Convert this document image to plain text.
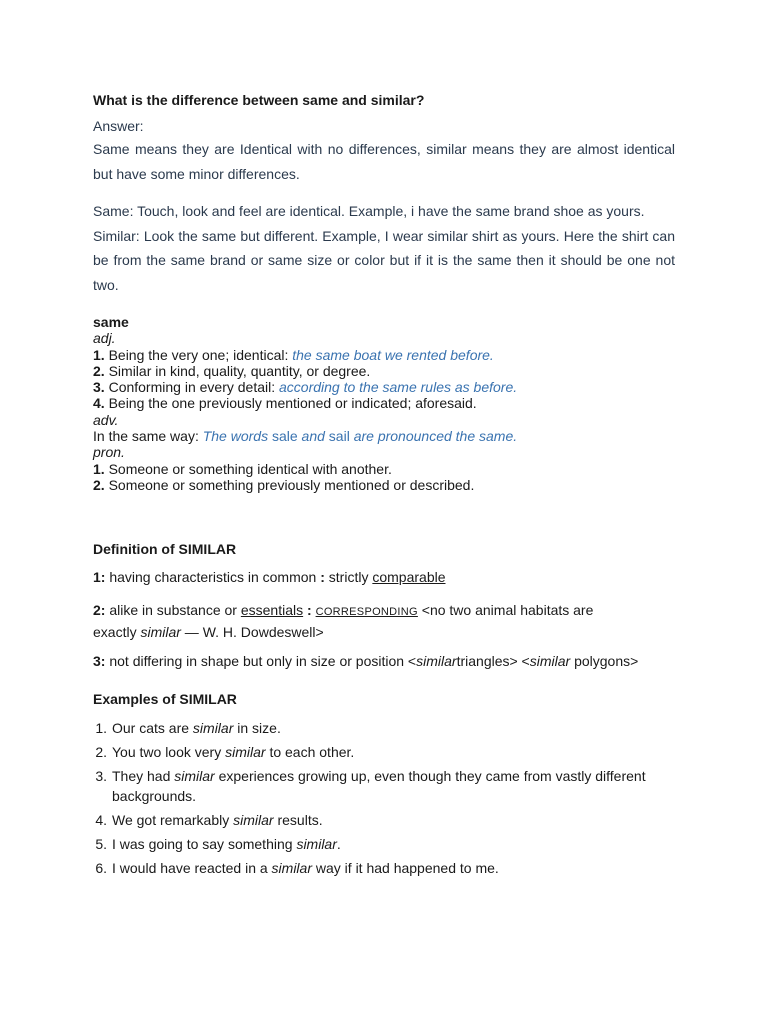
What is the difference between same and similar?
Answer:
Same means they are Identical with no differences, similar means they are almost identical but have some minor differences.
Same: Touch, look and feel are identical. Example, i have the same brand shoe as yours.
Similar: Look the same but different. Example, I wear similar shirt as yours. Here the shirt can be from the same brand or same size or color but if it is the same then it should be one not two.
same
adj.
1. Being the very one; identical: the same boat we rented before.
2. Similar in kind, quality, quantity, or degree.
3. Conforming in every detail: according to the same rules as before.
4. Being the one previously mentioned or indicated; aforesaid.
adv.
In the same way: The words sale and sail are pronounced the same.
pron.
1. Someone or something identical with another.
2. Someone or something previously mentioned or described.
Definition of SIMILAR
1: having characteristics in common : strictly comparable
2: alike in substance or essentials : CORRESPONDING <no two animal habitats are
exactly similar — W. H. Dowdeswell>
3: not differing in shape but only in size or position <similartriangles> <similar polygons>
Examples of SIMILAR
1. Our cats are similar in size.
2. You two look very similar to each other.
3. They had similar experiences growing up, even though they came from vastly different backgrounds.
4. We got remarkably similar results.
5. I was going to say something similar.
6. I would have reacted in a similar way if it had happened to me.
